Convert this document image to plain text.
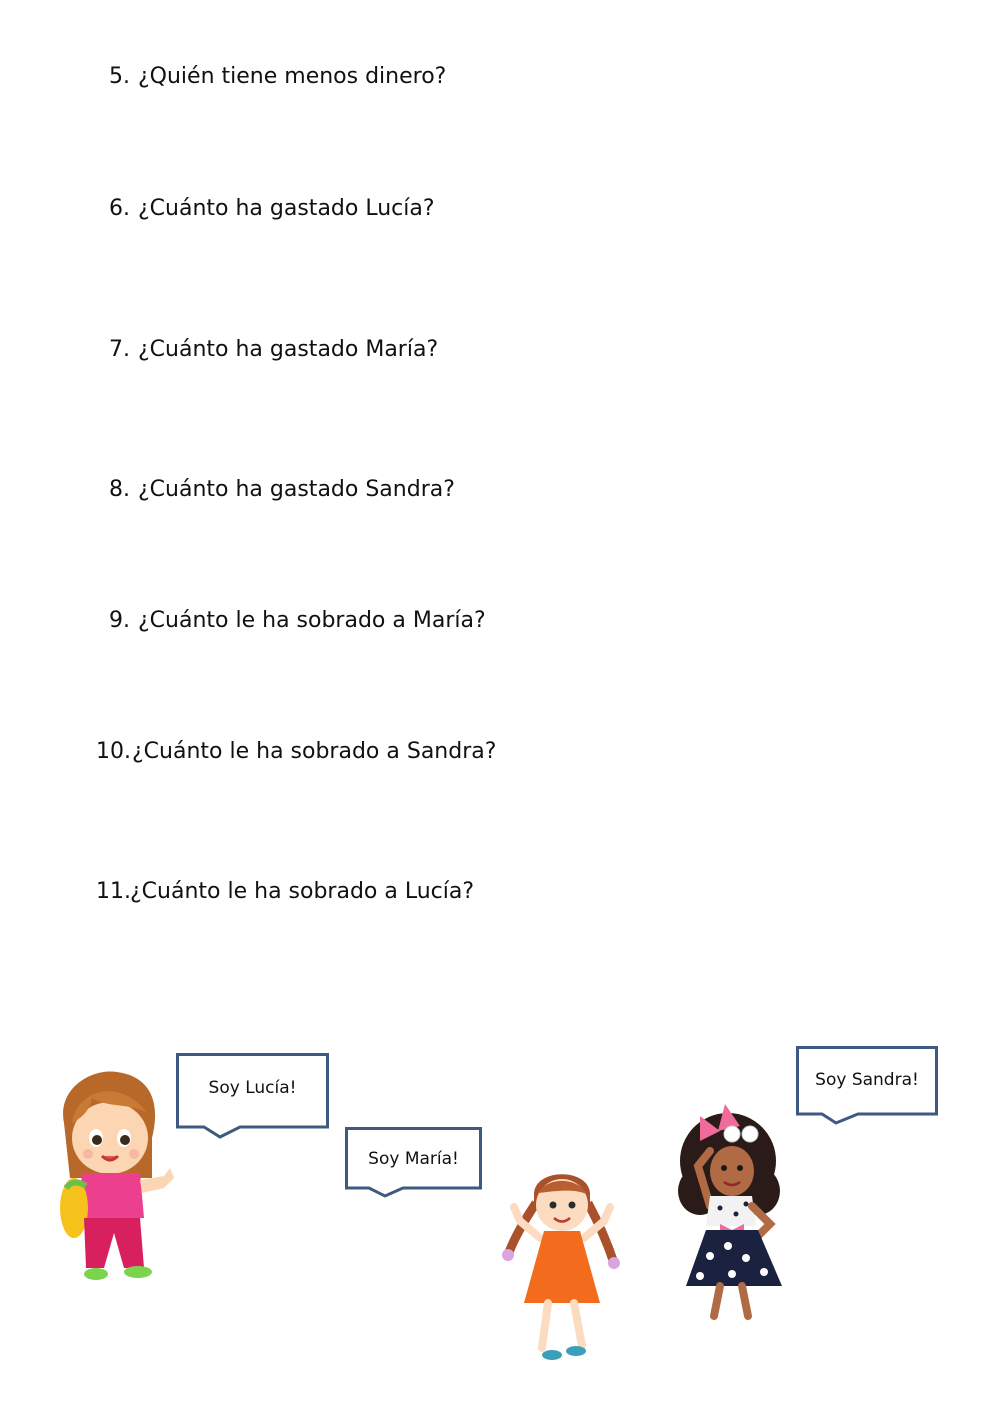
5. ¿Quién tiene menos dinero?
6. ¿Cuánto ha gastado Lucía?
7. ¿Cuánto ha gastado María?
8. ¿Cuánto ha gastado Sandra?
9. ¿Cuánto le ha sobrado a María?
10. ¿Cuánto le ha sobrado a Sandra?
11. ¿Cuánto le ha sobrado a Lucía?
Soy Lucía!
Soy María!
Soy Sandra!
